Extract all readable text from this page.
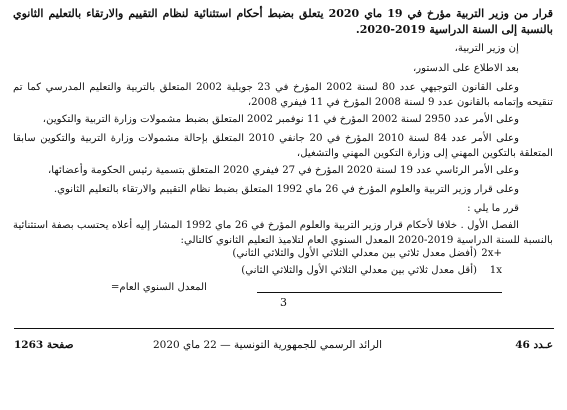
قرار من وزير التربية مؤرخ في 19 ماي 2020 يتعلق بضبط أحكام استثنائية لنظام التقييم والارتقاء بالتعليم الثانوي بالنسبة إلى السنة الدراسية 2019-2020.
إن وزير التربية،
بعد الاطلاع على الدستور،
وعلى القانون التوجيهي عدد 80 لسنة 2002 المؤرخ في 23 جويلية 2002 المتعلق بالتربية والتعليم المدرسي كما تم تنقيحه وإتمامه بالقانون عدد 9 لسنة 2008 المؤرخ في 11 فيفري 2008،
وعلى الأمر عدد 2950 لسنة 2002 المؤرخ في 11 نوفمبر 2002 المتعلق بضبط مشمولات وزارة التربية والتكوين،
وعلى الأمر عدد 84 لسنة 2010 المؤرخ في 20 جانفي 2010 المتعلق بإحالة مشمولات وزارة التربية والتكوين سابقا المتعلقة بالتكوين المهني إلى وزارة التكوين المهني والتشغيل،
وعلى الأمر الرئاسي عدد 19 لسنة 2020 المؤرخ في 27 فيفري 2020 المتعلق بتسمية رئيس الحكومة وأعضائها،
وعلى قرار وزير التربية والعلوم المؤرخ في 26 ماي 1992 المتعلق بضبط نظام التقييم والارتقاء بالتعليم الثانوي.
قرر ما يلي :
الفصل الأول . خلافا لأحكام قرار وزير التربية والعلوم المؤرخ في 26 ماي 1992 المشار إليه أعلاه يحتسب بصفة استثنائية بالنسبة للسنة الدراسية 2019-2020 المعدل السنوي العام لتلاميذ التعليم الثانوي كالتالي:
(أفضل معدل ثلاثي بين معدلي الثلاثي الأول والثلاثي الثاني) 2x+
(أقل معدل ثلاثي بين معدلي الثلاثي الأول والثلاثي الثاني) 1x
المعدل السنوي العام=
3
عـدد 46
الرائد الرسمي للجمهورية التونسية — 22 ماي 2020
صفحة 1263
